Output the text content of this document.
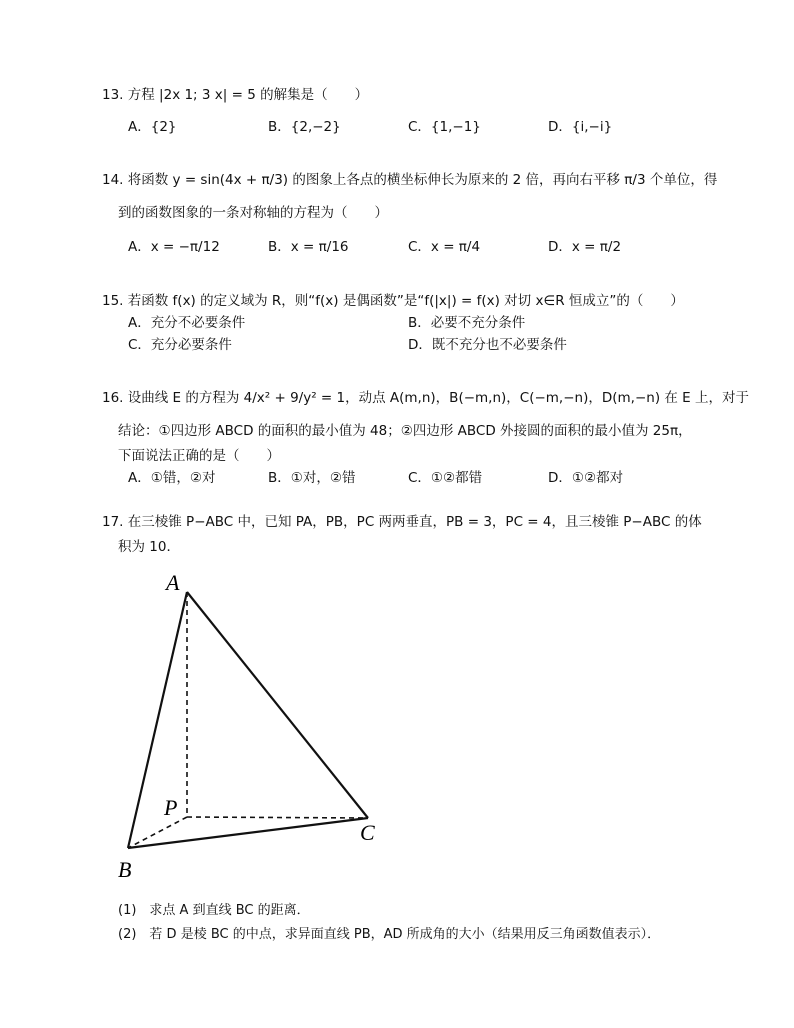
13. 方程 |2x 1; 3 x| = 5 的解集是（　　）
A．{2}	B．{2,−2}	C．{1,−1}	D．{i,−i}
14. 将函数 y = sin(4x + π/3) 的图象上各点的横坐标伸长为原来的 2 倍，再向右平移 π/3 个单位，得
到的函数图象的一条对称轴的方程为（　　）
A．x = −π/12	B．x = π/16	C．x = π/4	D．x = π/2
15. 若函数 f(x) 的定义域为 R，则“f(x) 是偶函数”是“f(|x|) = f(x) 对切 x∈R 恒成立”的（　　）
A．充分不必要条件	B．必要不充分条件
C．充分必要条件	D．既不充分也不必要条件
16. 设曲线 E 的方程为 4/x² + 9/y² = 1，动点 A(m,n)，B(−m,n)，C(−m,−n)，D(m,−n) 在 E 上，对于
结论：①四边形 ABCD 的面积的最小值为 48；②四边形 ABCD 外接圆的面积的最小值为 25π，
下面说法正确的是（　　）
A．①错，②对	B．①对，②错	C．①②都错	D．①②都对
17. 在三棱锥 P−ABC 中，已知 PA，PB，PC 两两垂直，PB = 3，PC = 4，且三棱锥 P−ABC 的体
积为 10．
A
P
B
C
(1)　求点 A 到直线 BC 的距离．
(2)　若 D 是棱 BC 的中点，求异面直线 PB，AD 所成角的大小（结果用反三角函数值表示）．
